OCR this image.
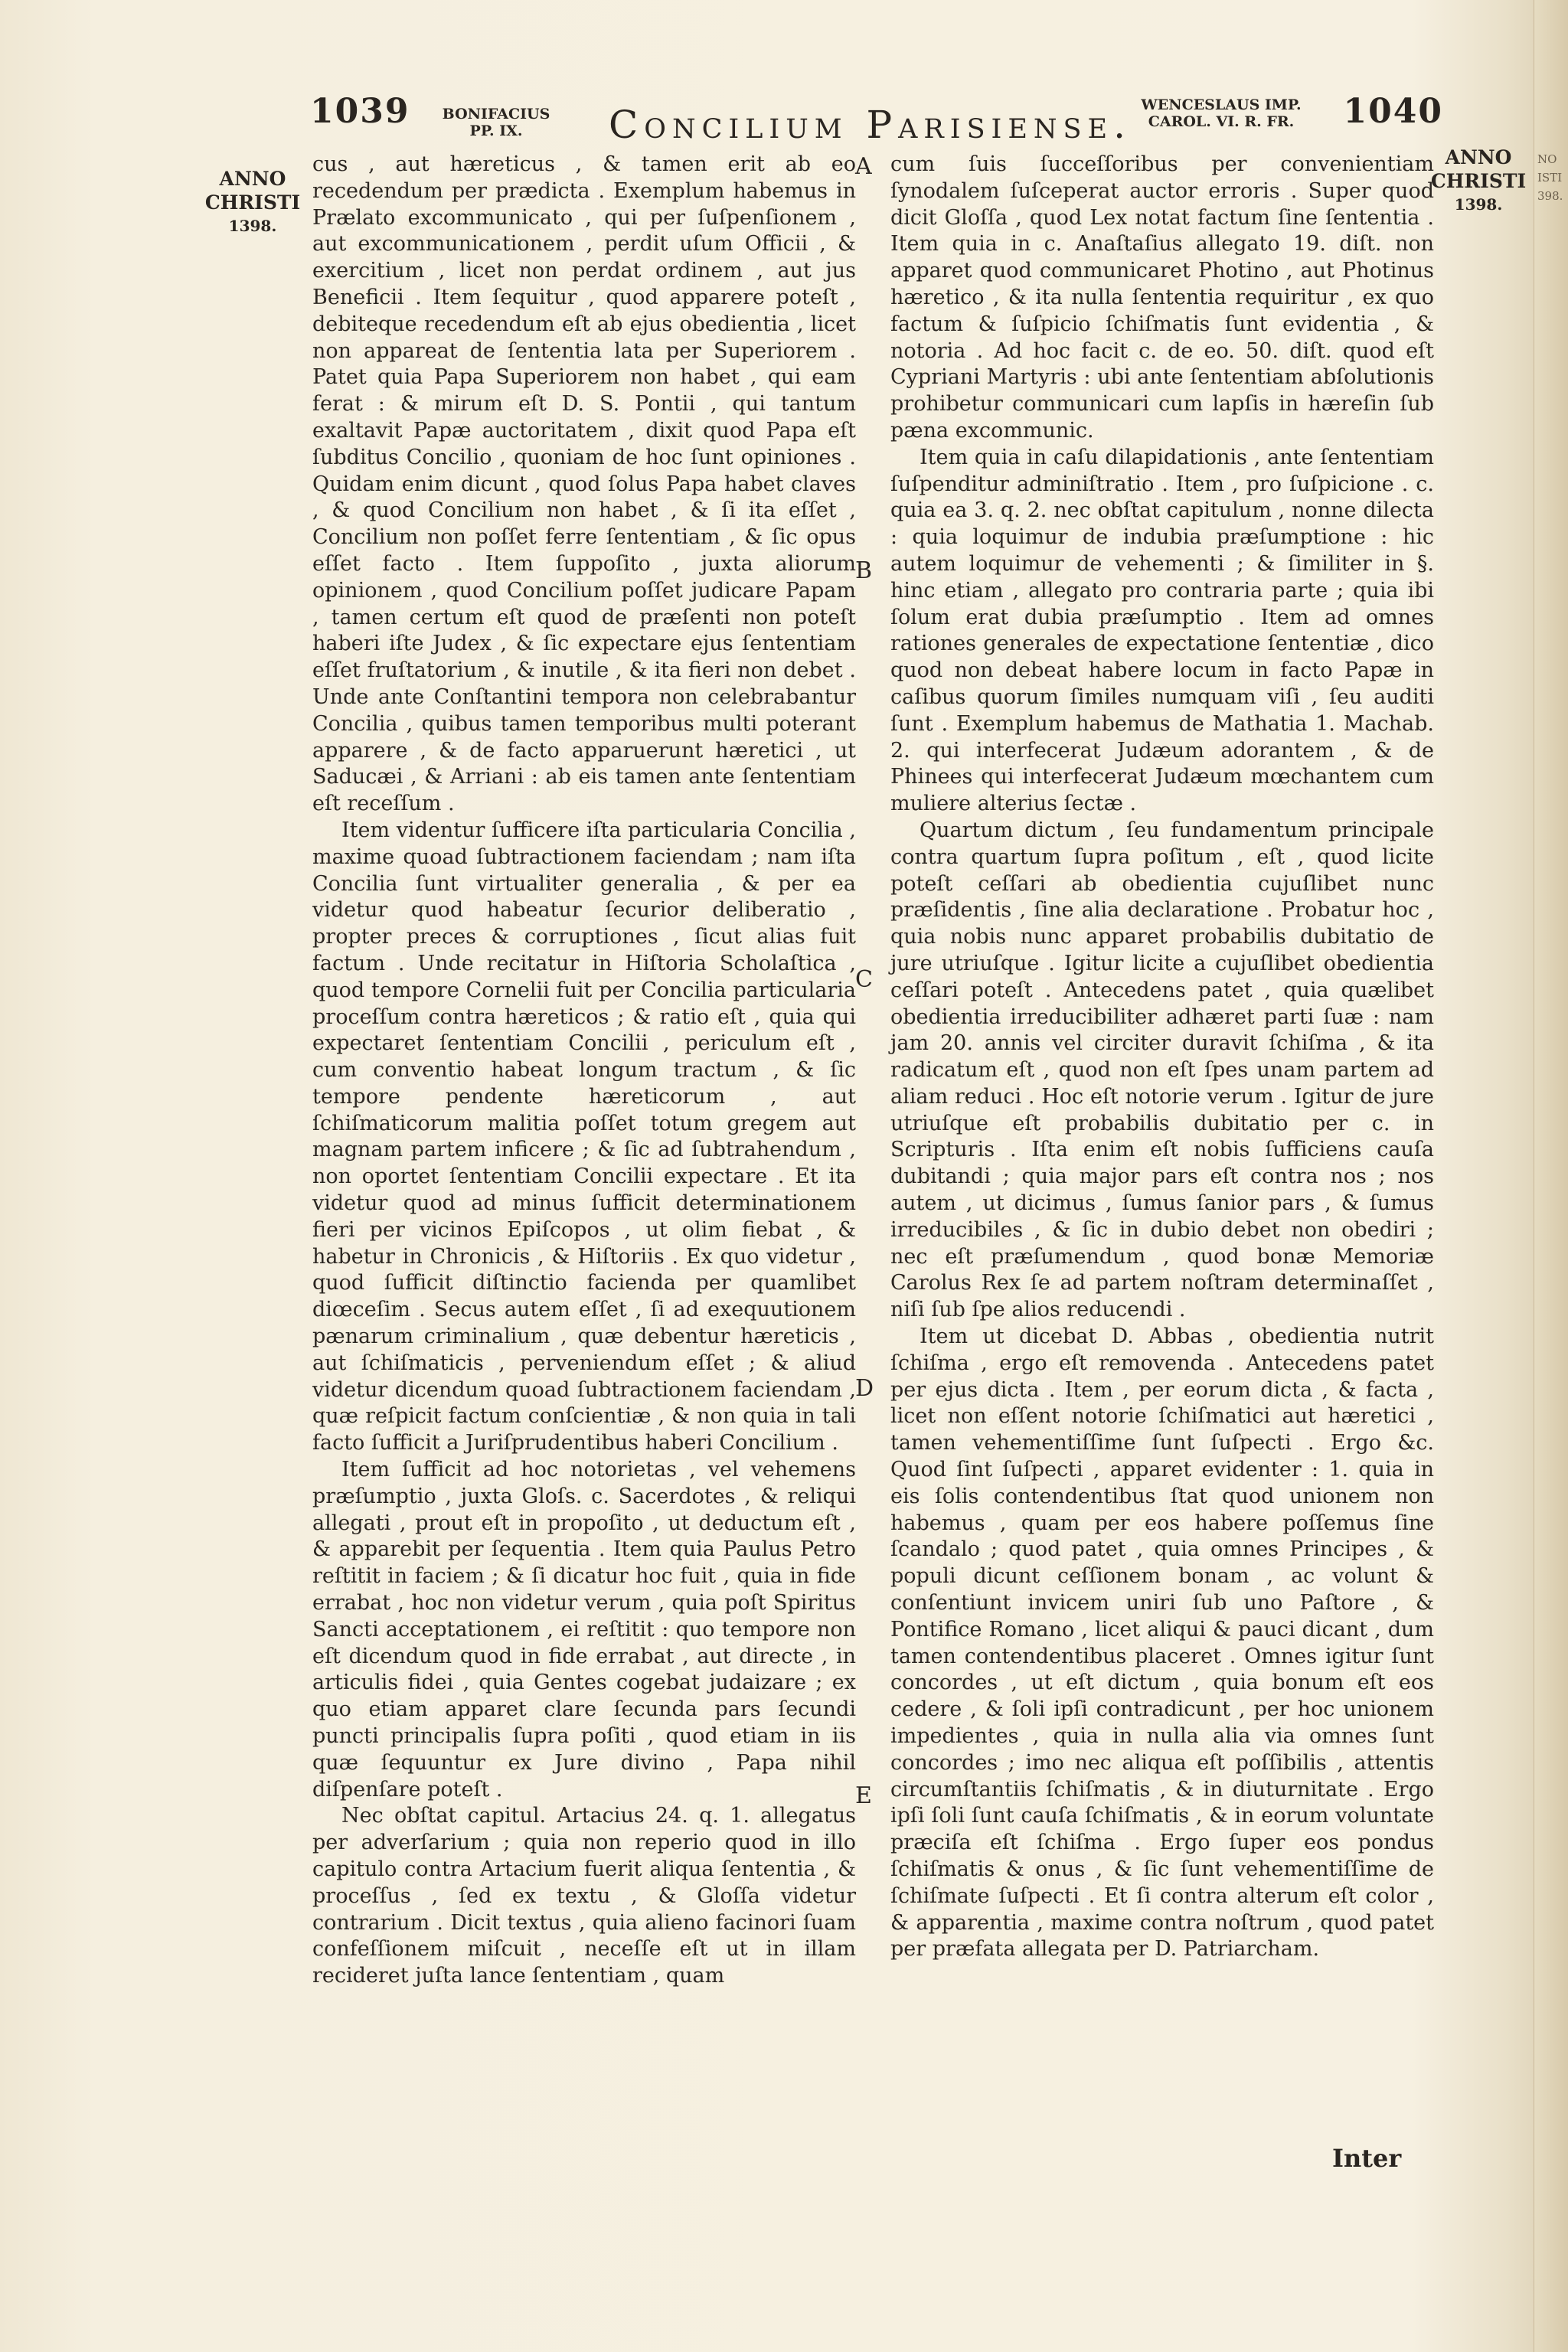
NO
ISTI
398.
1039 BONIFACIUS
PP. IX.	Concilium Parisiense. WENCESLAUS IMP.
CAROL. VI. R. FR.	1040
ANNO
CHRISTI
1398.
ANNO
CHRISTI
1398.

cus , aut hæreticus , & tamen erit ab eo recedendum per prædicta . Exemplum habemus in Prælato excommunicato , qui per ſuſpenſionem , aut excommunicationem , perdit uſum Officii , & exercitium , licet non perdat ordinem , aut jus Beneficii . Item ſequitur , quod apparere poteſt , debiteque recedendum eſt ab ejus obedientia , licet non appareat de ſententia lata per Superiorem . Patet quia Papa Superiorem non habet , qui eam ferat : & mirum eſt D. S. Pontii , qui tantum exaltavit Papæ auctoritatem , dixit quod Papa eſt ſubditus Concilio , quoniam de hoc ſunt opiniones . Quidam enim dicunt , quod ſolus Papa habet claves , & quod Concilium non habet , & ſi ita eſſet , Concilium non poſſet ferre ſententiam , & ſic opus eſſet facto . Item ſuppoſito , juxta aliorum opinionem , quod Concilium poſſet judicare Papam , tamen certum eſt quod de præſenti non poteſt haberi iſte Judex , & ſic expectare ejus ſententiam eſſet fruſtatorium , & inutile , & ita fieri non debet . Unde ante Conſtantini tempora non celebrabantur Concilia , quibus tamen temporibus multi poterant apparere , & de facto apparuerunt hæretici , ut Saducæi , & Arriani : ab eis tamen ante ſententiam eſt receſſum .

Item videntur ſufficere iſta particularia Concilia , maxime quoad ſubtractionem faciendam ; nam iſta Concilia ſunt virtualiter generalia , & per ea videtur quod habeatur ſecurior deliberatio , propter preces & corruptiones , ſicut alias fuit factum . Unde recitatur in Hiſtoria Scholaſtica , quod tempore Cornelii fuit per Concilia particularia proceſſum contra hæreticos ; & ratio eſt , quia qui expectaret ſententiam Concilii , periculum eſt , cum conventio habeat longum tractum , & ſic tempore pendente hæreticorum , aut ſchiſmaticorum malitia poſſet totum gregem aut magnam partem inficere ; & ſic ad ſubtrahendum , non oportet ſententiam Concilii expectare . Et ita videtur quod ad minus ſufficit determinationem fieri per vicinos Epiſcopos , ut olim fiebat , & habetur in Chronicis , & Hiſtoriis . Ex quo videtur , quod ſufficit diſtinctio facienda per quamlibet diœceſim . Secus autem eſſet , ſi ad exequutionem pænarum criminalium , quæ debentur hæreticis , aut ſchiſmaticis , perveniendum eſſet ; & aliud videtur dicendum quoad ſubtractionem faciendam , quæ reſpicit factum conſcientiæ , & non quia in tali facto ſufficit a Juriſprudentibus haberi Concilium .

Item ſufficit ad hoc notorietas , vel vehemens præſumptio , juxta Gloſs. c. Sacerdotes , & reliqui allegati , prout eſt in propoſito , ut deductum eſt , & apparebit per ſequentia . Item quia Paulus Petro reſtitit in faciem ; & ſi dicatur hoc fuit , quia in fide errabat , hoc non videtur verum , quia poſt Spiritus Sancti acceptationem , ei reſtitit : quo tempore non eſt dicendum quod in fide errabat , aut directe , in articulis fidei , quia Gentes cogebat judaizare ; ex quo etiam apparet clare ſecunda pars ſecundi puncti principalis ſupra poſiti , quod etiam in iis quæ ſequuntur ex Jure divino , Papa nihil diſpenſare poteſt .

Nec obſtat capitul. Artacius 24. q. 1. allegatus per adverſarium ; quia non reperio quod in illo capitulo contra Artacium fuerit aliqua ſententia , & proceſſus , ſed ex textu , & Gloſſa videtur contrarium . Dicit textus , quia alieno facinori ſuam confeſſionem miſcuit , neceſſe eſt ut in illam recideret juſta lance ſententiam , quam

cum ſuis ſucceſſoribus per convenientiam ſynodalem ſuſceperat auctor erroris . Super quod dicit Gloſſa , quod Lex notat factum ſine ſententia . Item quia in c. Anaſtaſius allegato 19. diſt. non apparet quod communicaret Photino , aut Photinus hæretico , & ita nulla ſententia requiritur , ex quo factum & ſuſpicio ſchiſmatis ſunt evidentia , & notoria . Ad hoc facit c. de eo. 50. diſt. quod eſt Cypriani Martyris : ubi ante ſententiam abſolutionis prohibetur communicari cum lapſis in hæreſin ſub pæna excommunic.

Item quia in caſu dilapidationis , ante ſententiam ſuſpenditur adminiſtratio . Item , pro ſuſpicione . c. quia ea 3. q. 2. nec obſtat capitulum , nonne dilecta : quia loquimur de indubia præſumptione : hic autem loquimur de vehementi ; & ſimiliter in §. hinc etiam , allegato pro contraria parte ; quia ibi ſolum erat dubia præſumptio . Item ad omnes rationes generales de expectatione ſententiæ , dico quod non debeat habere locum in facto Papæ in caſibus quorum ſimiles numquam viſi , ſeu auditi ſunt . Exemplum habemus de Mathatia 1. Machab. 2. qui interfecerat Judæum adorantem , & de Phinees qui interfecerat Judæum mœchantem cum muliere alterius ſectæ .

Quartum dictum , ſeu fundamentum principale contra quartum ſupra poſitum , eſt , quod licite poteſt ceſſari ab obedientia cujuſlibet nunc præſidentis , ſine alia declaratione . Probatur hoc , quia nobis nunc apparet probabilis dubitatio de jure utriuſque . Igitur licite a cujuſlibet obedientia ceſſari poteſt . Antecedens patet , quia quælibet obedientia irreducibiliter adhæret parti ſuæ : nam jam 20. annis vel circiter duravit ſchiſma , & ita radicatum eſt , quod non eſt ſpes unam partem ad aliam reduci . Hoc eſt notorie verum . Igitur de jure utriuſque eſt probabilis dubitatio per c. in Scripturis . Iſta enim eſt nobis ſufficiens cauſa dubitandi ; quia major pars eſt contra nos ; nos autem , ut dicimus , ſumus ſanior pars , & ſumus irreducibiles , & ſic in dubio debet non obediri ; nec eſt præſumendum , quod bonæ Memoriæ Carolus Rex ſe ad partem noſtram determinaſſet , niſi ſub ſpe alios reducendi .

Item ut dicebat D. Abbas , obedientia nutrit ſchiſma , ergo eſt removenda . Antecedens patet per ejus dicta . Item , per eorum dicta , & facta , licet non eſſent notorie ſchiſmatici aut hæretici , tamen vehementiſſime ſunt ſuſpecti . Ergo &c. Quod ſint ſuſpecti , apparet evidenter : 1. quia in eis ſolis contendentibus ſtat quod unionem non habemus , quam per eos habere poſſemus ſine ſcandalo ; quod patet , quia omnes Principes , & populi dicunt ceſſionem bonam , ac volunt & conſentiunt invicem uniri ſub uno Paſtore , & Pontifice Romano , licet aliqui & pauci dicant , dum tamen contendentibus placeret . Omnes igitur ſunt concordes , ut eſt dictum , quia bonum eſt eos cedere , & ſoli ipſi contradicunt , per hoc unionem impedientes , quia in nulla alia via omnes ſunt concordes ; imo nec aliqua eſt poſſibilis , attentis circumſtantiis ſchiſmatis , & in diuturnitate . Ergo ipſi ſoli ſunt cauſa ſchiſmatis , & in eorum voluntate præciſa eſt ſchiſma . Ergo ſuper eos pondus ſchiſmatis & onus , & ſic ſunt vehementiſſime de ſchiſmate ſuſpecti . Et ſi contra alterum eſt color , & apparentia , maxime contra noſtrum , quod patet per præfata allegata per D. Patriarcham.

A
B
C
D
E
Inter
